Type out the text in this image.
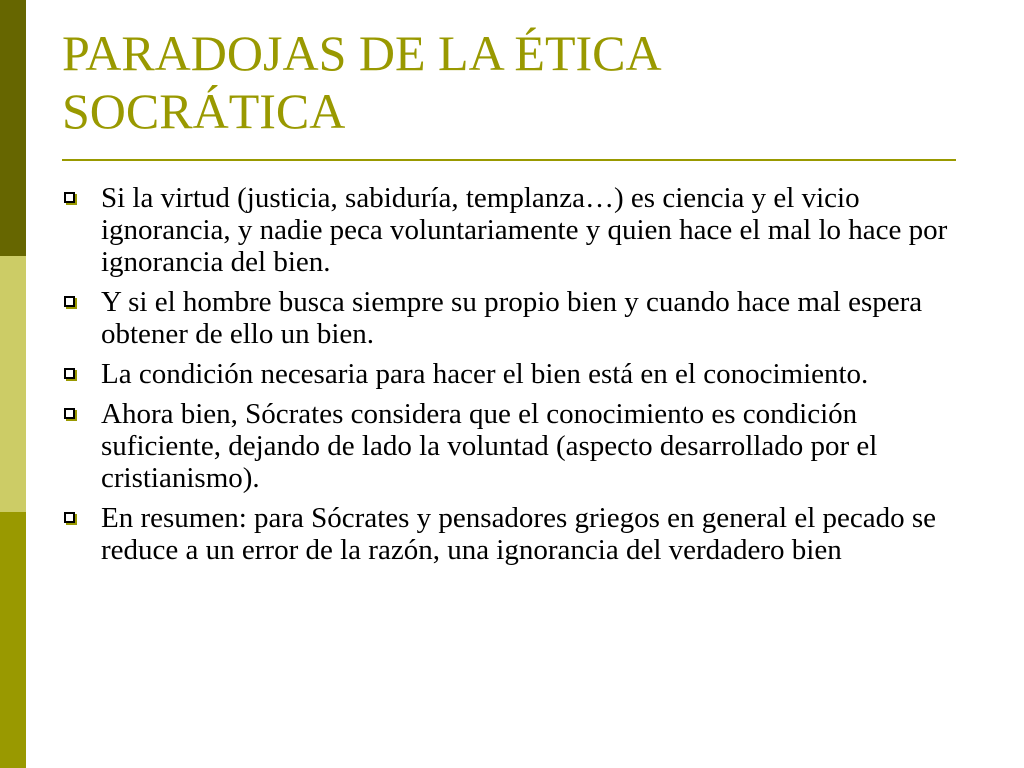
PARADOJAS DE LA ÉTICA
SOCRÁTICA
Si la virtud (justicia, sabiduría, templanza…) es ciencia y el vicio ignorancia, y nadie peca voluntariamente y quien hace el mal lo hace por ignorancia del bien.
Y si el hombre busca siempre su propio bien y cuando hace mal espera obtener de ello un bien.
La condición necesaria para hacer el bien está en el conocimiento.
Ahora bien, Sócrates considera que el conocimiento es condición suficiente, dejando de lado la voluntad (aspecto desarrollado por el cristianismo).
En resumen: para Sócrates y pensadores griegos en general el pecado se reduce a un error de la razón, una ignorancia del verdadero bien
